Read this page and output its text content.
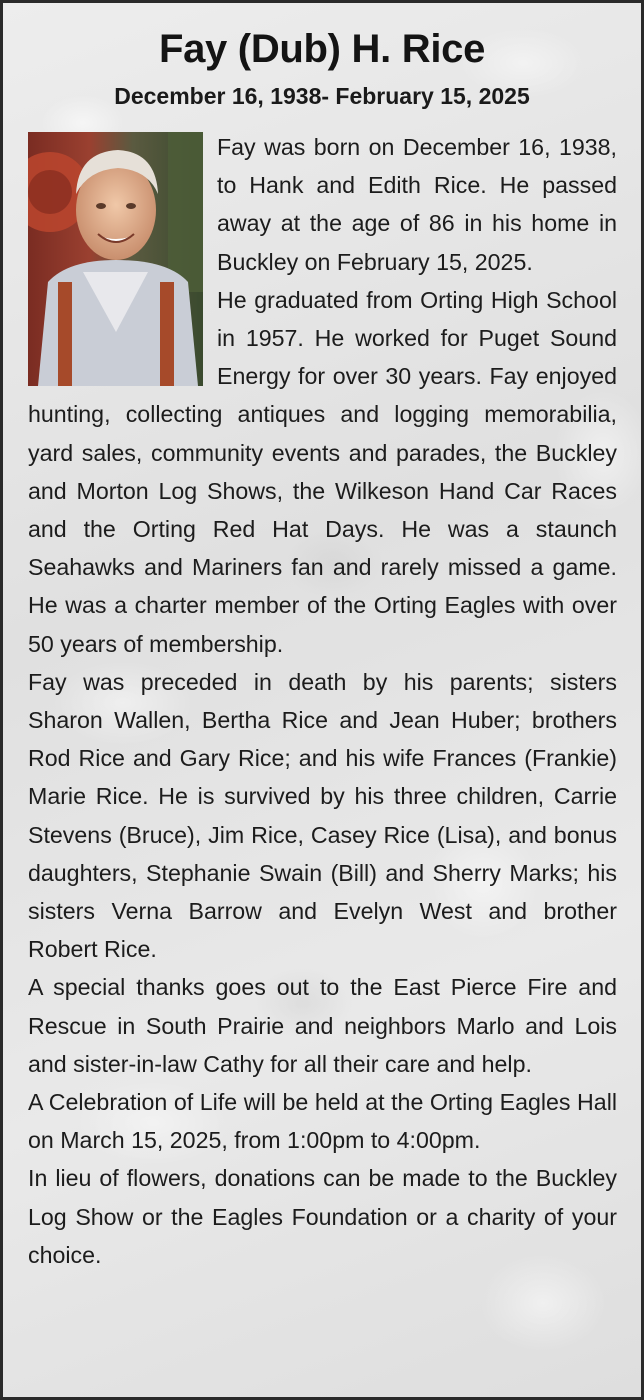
Fay (Dub) H. Rice
December 16, 1938- February 15, 2025

Fay was born on December 16, 1938, to Hank and Edith Rice. He passed away at the age of 86 in his home in Buckley on February 15, 2025.

He graduated from Orting High School in 1957. He worked for Puget Sound Energy for over 30 years. Fay enjoyed hunting, collecting antiques and logging memorabilia, yard sales, community events and parades, the Buckley and Morton Log Shows, the Wilkeson Hand Car Races and the Orting Red Hat Days. He was a staunch Seahawks and Mariners fan and rarely missed a game. He was a charter member of the Orting Eagles with over 50 years of membership.

Fay was preceded in death by his parents; sisters Sharon Wallen, Bertha Rice and Jean Huber; brothers Rod Rice and Gary Rice; and his wife Frances (Frankie) Marie Rice. He is survived by his three children, Carrie Stevens (Bruce), Jim Rice, Casey Rice (Lisa), and bonus daughters, Stephanie Swain (Bill) and Sherry Marks; his sisters Verna Barrow and Evelyn West and brother Robert Rice.

A special thanks goes out to the East Pierce Fire and Rescue in South Prairie and neighbors Marlo and Lois and sister-in-law Cathy for all their care and help.

A Celebration of Life will be held at the Orting Eagles Hall on March 15, 2025, from 1:00pm to 4:00pm.

In lieu of flowers, donations can be made to the Buckley Log Show or the Eagles Foundation or a charity of your choice.
